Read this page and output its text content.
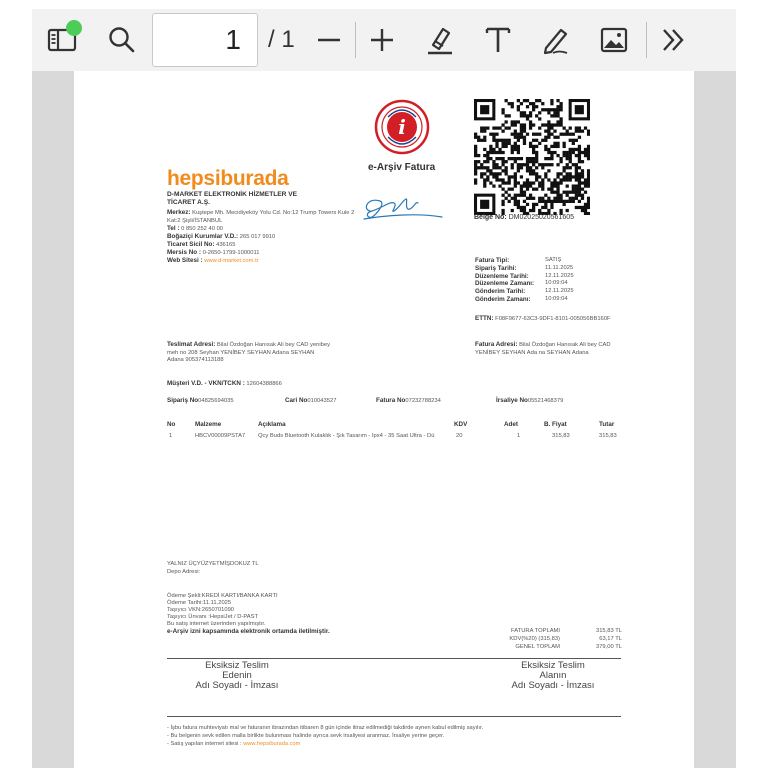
1 / 1
i
e-Arşiv Fatura
Belge No: DM02025020561605
hepsiburada
D-MARKET ELEKTRONİK HİZMETLER VE TİCARET A.Ş.
Merkez: Kuştepe Mh. Mecidiyeköy Yolu Cd. No:12 Trump Towers Kule 2 Kat:2 Şişli/İSTANBUL
Tel : 0 850 252 40 00
Boğaziçi Kurumlar V.D.: 265 017 9910
Ticaret Sicil No: 436165
Mersis No : 0-2650-1799-1000011
Web Sitesi : www.d-market.com.tr	Fatura Tipi:	SATIŞ
Sipariş Tarihi:	11.11.2025
Düzenleme Tarihi:	12.11.2025
Düzenleme Zamanı:	10:09:04
Gönderim Tarihi:	12.11.2025
Gönderim Zamanı:	10:09:04
ETTN: F08F9677-63C3-9DF1-8101-005056BB160F
Teslimat Adresi: Bilal Özdoğan Hanısak Ali bey CAD yenibey meh no 208 Seyhan YENİBEY SEYHAN Adana SEYHAN Adana 905374113188
Fatura Adresi: Bilal Özdoğan Hanısak Ali bey CAD YENİBEY SEYHAN Ada na SEYHAN Adana
Müşteri V.D. - VKN/TCKN : 12604388866
Sipariş No04825694035	Cari No010043527	Fatura No07232788234	İrsaliye No05521468379
No	Malzeme	Açıklama	KDV	Adet	B. Fiyat	Tutar
1	HBCV00009PSTA7 Qcy Buds Bluetooth Kulaklık - Şık Tasarım - Ipx4 - 35 Saat Ultra - Dü	20	1	315,83	315,83
YALNIZ ÜÇYÜZYETMİŞDOKUZ TL
Depo Adresi:
Ödeme Şekli:KREDİ KARTI/BANKA KARTI
Ödeme Tarihi:11.11.2025
Taşıyıcı VKN:2650701090
Taşıyıcı Ünvanı :HepsiJet / D-PAST
Bu satış internet üzerinden yapılmıştır.
e-Arşiv izni kapsamında elektronik ortamda iletilmiştir.	FATURA TOPLAMI	315,83 TL
KDV(%20) (315,83)	63,17 TL
GENEL TOPLAM	379,00 TL
Eksiksiz Teslim Edenin
Adı Soyadı - İmzası
Eksiksiz Teslim Alanın
Adı Soyadı - İmzası
- İşbu fatura muhteviyatı mal ve faturanın ibrazından itibaren 8 gün içinde itiraz edilmediği takdirde aynen kabul edilmiş sayılır.
- Bu belgenin sevk edilen malla birlikte bulunması halinde ayrıca sevk irsaliyesi aranmaz. İrsaliye yerine geçer.
- Satış yapılan internet sitesi : www.hepsiburada.com
